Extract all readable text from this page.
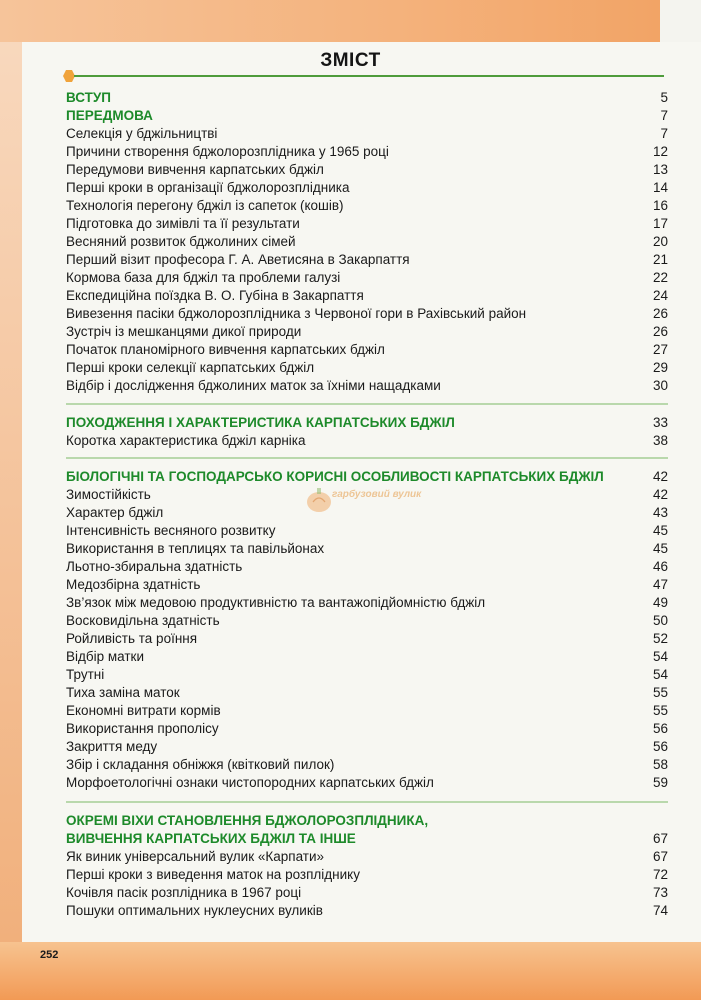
ЗМІСТ
ВСТУП	5
ПЕРЕДМОВА	7
Селекція у бджільництві	7
Причини створення бджолорозплідника у 1965 році	12
Передумови вивчення карпатських бджіл	13
Перші кроки в організації бджолорозплідника	14
Технологія перегону бджіл із сапеток (кошів)	16
Підготовка до зимівлі та її результати	17
Весняний розвиток бджолиних сімей	20
Перший візит професора Г. А. Аветисяна в Закарпаття	21
Кормова база для бджіл та проблеми галузі	22
Експедиційна поїздка В. О. Губіна в Закарпаття	24
Вивезення пасіки бджолорозплідника з Червоної гори в Рахівський район	26
Зустріч із мешканцями дикої природи	26
Початок планомірного вивчення карпатських бджіл	27
Перші кроки селекції карпатських бджіл	29
Відбір і дослідження бджолиних маток за їхніми нащадками	30
ПОХОДЖЕННЯ І ХАРАКТЕРИСТИКА КАРПАТСЬКИХ БДЖІЛ	33
Коротка характеристика бджіл карніка	38
БІОЛОГІЧНІ ТА ГОСПОДАРСЬКО КОРИСНІ ОСОБЛИВОСТІ КАРПАТСЬКИХ БДЖІЛ	42
Зимостійкість	42
Характер бджіл	43
Інтенсивність весняного розвитку	45
Використання в теплицях та павільйонах	45
Льотно-збиральна здатність	46
Медозбірна здатність	47
Зв’язок між медовою продуктивністю та вантажопідйомністю бджіл	49
Восковидільна здатність	50
Ройливість та роїння	52
Відбір матки	54
Трутні	54
Тиха заміна маток	55
Економні витрати кормів	55
Використання прополісу	56
Закриття меду	56
Збір і складання обніжжя (квітковий пилок)	58
Морфоетологічні ознаки чистопородних карпатських бджіл	59
ОКРЕМІ ВІХИ СТАНОВЛЕННЯ БДЖОЛОРОЗПЛІДНИКА,
ВИВЧЕННЯ КАРПАТСЬКИХ БДЖІЛ ТА ІНШЕ	67
Як виник універсальний вулик «Карпати»	67
Перші кроки з виведення маток на розпліднику	72
Кочівля пасік розплідника в 1967 році	73
Пошуки оптимальних нуклеусних вуликів	74
гарбузовий вулик
252
